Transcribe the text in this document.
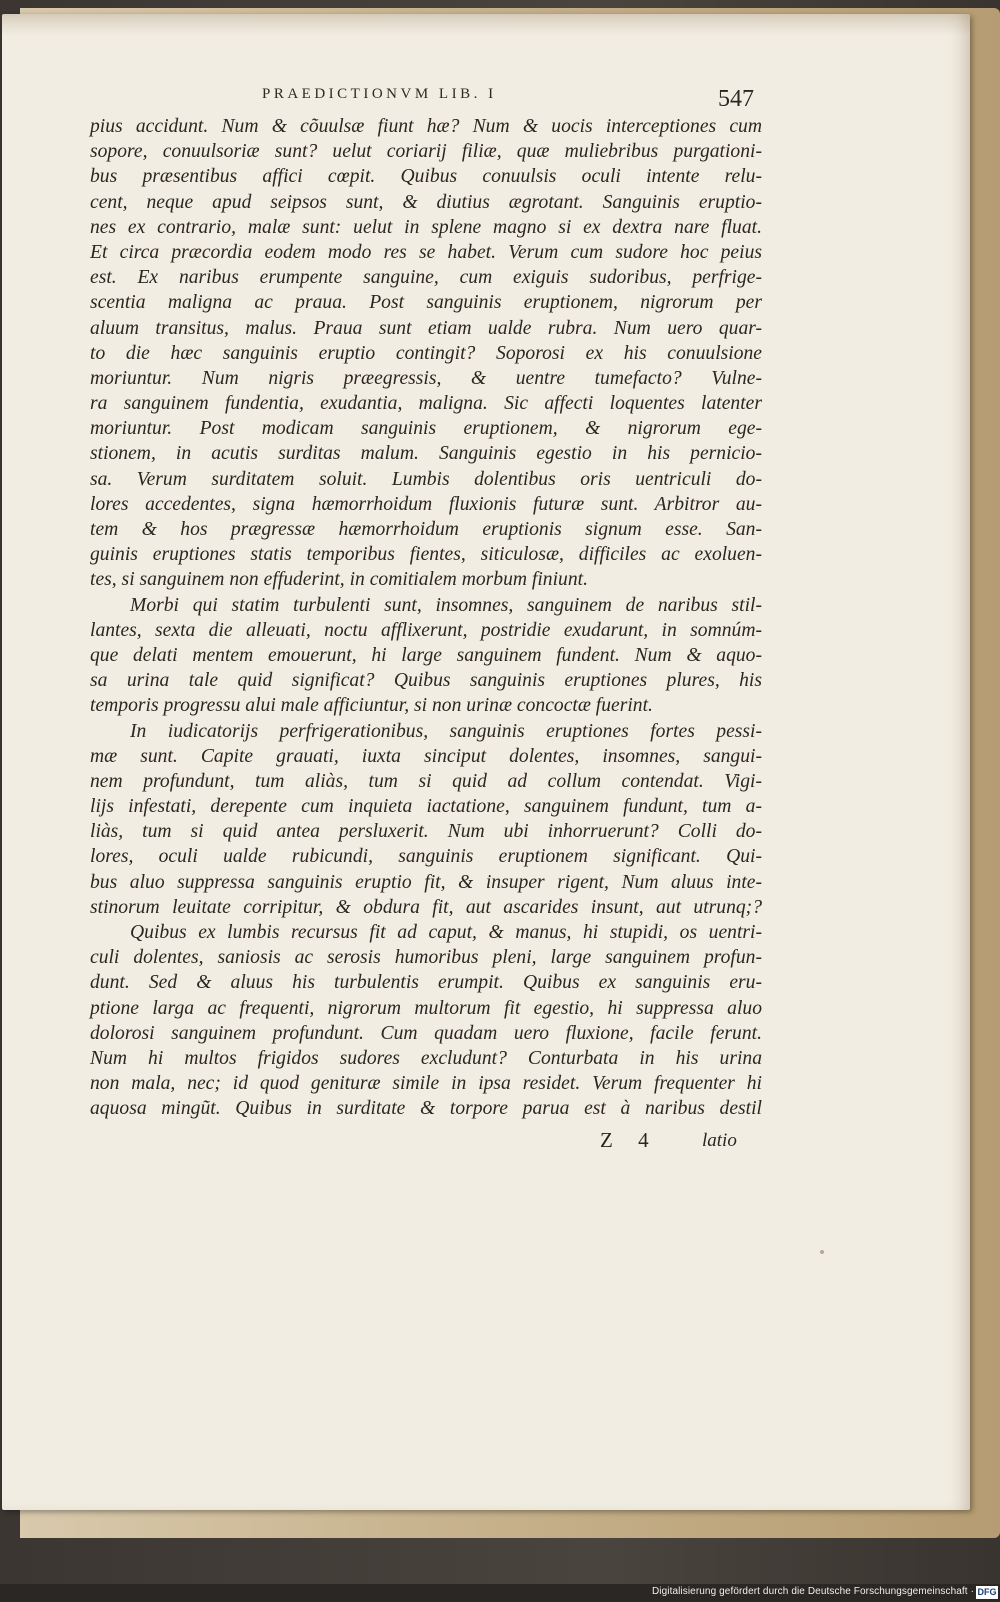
PRAEDICTIONVM LIB. I	547
pius accidunt. Num & cõuulsæ fiunt hæ? Num & uocis interceptiones cum
sopore, conuulsoriæ sunt? uelut coriarij filiæ, quæ muliebribus purgationi-
bus præsentibus affici cœpit. Quibus conuulsis oculi intente relu-
cent, neque apud seipsos sunt, & diutius ægrotant. Sanguinis eruptio-
nes ex contrario, malæ sunt: uelut in splene magno si ex dextra nare fluat.
Et circa præcordia eodem modo res se habet. Verum cum sudore hoc peius
est. Ex naribus erumpente sanguine, cum exiguis sudoribus, perfrige-
scentia maligna ac praua. Post sanguinis eruptionem, nigrorum per
aluum transitus, malus. Praua sunt etiam ualde rubra. Num uero quar-
to die hæc sanguinis eruptio contingit? Soporosi ex his conuulsione
moriuntur. Num nigris præegressis, & uentre tumefacto? Vulne-
ra sanguinem fundentia, exudantia, maligna. Sic affecti loquentes latenter
moriuntur. Post modicam sanguinis eruptionem, & nigrorum ege-
stionem, in acutis surditas malum. Sanguinis egestio in his pernicio-
sa. Verum surditatem soluit. Lumbis dolentibus oris uentriculi do-
lores accedentes, signa hæmorrhoidum fluxionis futuræ sunt. Arbitror au-
tem & hos prægressæ hæmorrhoidum eruptionis signum esse. San-
guinis eruptiones statis temporibus fientes, siticulosæ, difficiles ac exoluen-
tes, si sanguinem non effuderint, in comitialem morbum finiunt.
Morbi qui statim turbulenti sunt, insomnes, sanguinem de naribus stil-
lantes, sexta die alleuati, noctu afflixerunt, postridie exudarunt, in somnúm-
que delati mentem emouerunt, hi large sanguinem fundent. Num & aquo-
sa urina tale quid significat? Quibus sanguinis eruptiones plures, his
temporis progressu alui male afficiuntur, si non urinæ concoctæ fuerint.
In iudicatorijs perfrigerationibus, sanguinis eruptiones fortes pessi-
mæ sunt. Capite grauati, iuxta sinciput dolentes, insomnes, sangui-
nem profundunt, tum aliàs, tum si quid ad collum contendat. Vigi-
lijs infestati, derepente cum inquieta iactatione, sanguinem fundunt, tum a-
liàs, tum si quid antea persluxerit. Num ubi inhorruerunt? Colli do-
lores, oculi ualde rubicundi, sanguinis eruptionem significant. Qui-
bus aluo suppressa sanguinis eruptio fit, & insuper rigent, Num aluus inte-
stinorum leuitate corripitur, & obdura fit, aut ascarides insunt, aut utrunq;?
Quibus ex lumbis recursus fit ad caput, & manus, hi stupidi, os uentri-
culi dolentes, saniosis ac serosis humoribus pleni, large sanguinem profun-
dunt. Sed & aluus his turbulentis erumpit. Quibus ex sanguinis eru-
ptione larga ac frequenti, nigrorum multorum fit egestio, hi suppressa aluo
dolorosi sanguinem profundunt. Cum quadam uero fluxione, facile ferunt.
Num hi multos frigidos sudores excludunt? Conturbata in his urina
non mala, nec; id quod genituræ simile in ipsa residet. Verum frequenter hi
aquosa mingũt. Quibus in surditate & torpore parua est à naribus destil
Z 4 latio
Digitalisierung gefördert durch die Deutsche Forschungsgemeinschaft · DFG
